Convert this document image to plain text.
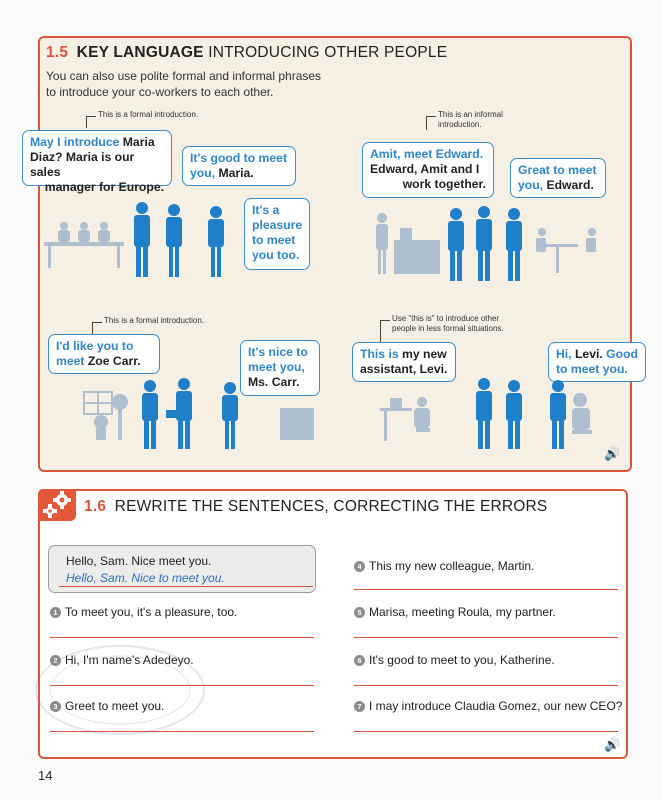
1.5 KEY LANGUAGE INTRODUCING OTHER PEOPLE
You can also use polite formal and informal phrases
to introduce your co-workers to each other.
This is a formal introduction.
May I introduce Maria
Diaz? Maria is our sales
manager for Europe.
It's good to meet
you, Maria.
It's a
pleasure
to meet
you too.
This is an informal
introduction.
Amit, meet Edward.
Edward, Amit and I
work together.
Great to meet
you, Edward.
This is a formal introduction.
I'd like you to
meet Zoe Carr.
It's nice to
meet you,
Ms. Carr.
Use "this is" to introduce other
people in less formal situations.
This is my new
assistant, Levi.
Hi, Levi. Good
to meet you.
🔊
1.6 REWRITE THE SENTENCES, CORRECTING THE ERRORS
Hello, Sam. Nice meet you.
Hello, Sam. Nice to meet you.
1 To meet you, it's a pleasure, too.
2 Hi, I'm name's Adedeyo.
3 Greet to meet you.
4 This my new colleague, Martin.
5 Marisa, meeting Roula, my partner.
6 It's good to meet to you, Katherine.
7 I may introduce Claudia Gomez, our new CEO?
🔊
14
